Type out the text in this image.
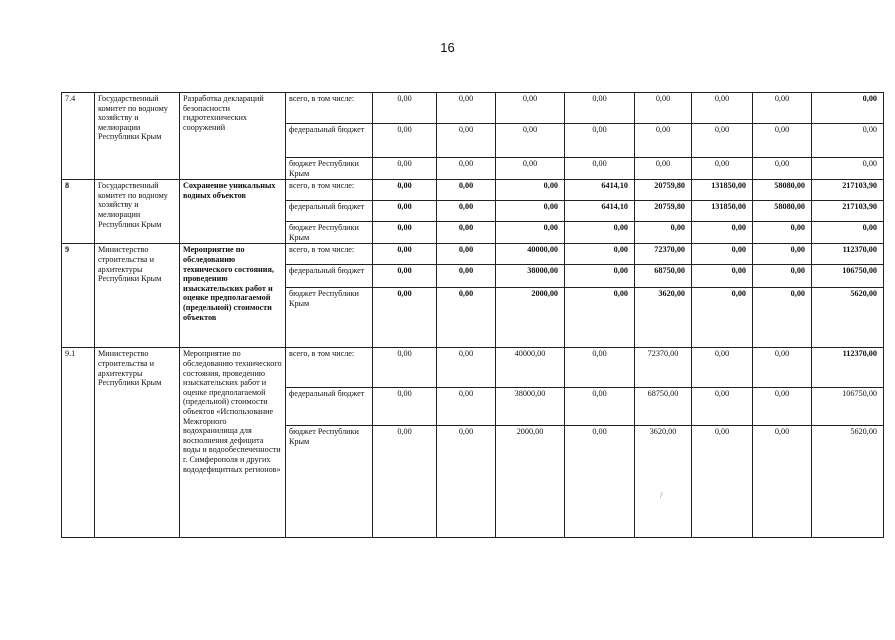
16
7.4	Государственный комитет по водному хозяйству и мелиорации Республики Крым	Разработка деклараций безопасности гидротехнических сооружений	всего, в том числе:	0,00	0,00	0,00	0,00	0,00	0,00	0,00	0,00
			федеральный бюджет	0,00	0,00	0,00	0,00	0,00	0,00	0,00	0,00
			бюджет Республики Крым	0,00	0,00	0,00	0,00	0,00	0,00	0,00	0,00
8	Государственный комитет по водному хозяйству и мелиорации Республики Крым	Сохранение уникальных водных объектов	всего, в том числе:	0,00	0,00	0,00	6414,10	20759,80	131850,00	58080,00	217103,90
			федеральный бюджет	0,00	0,00	0,00	6414,10	20759,80	131850,00	58080,00	217103,90
			бюджет Республики Крым	0,00	0,00	0,00	0,00	0,00	0,00	0,00	0,00
9	Министерство строительства и архитектуры Республики Крым	Мероприятие по обследованию технического состояния, проведению изыскательских работ и оценке предполагаемой (предельной) стоимости объектов	всего, в том числе:	0,00	0,00	40000,00	0,00	72370,00	0,00	0,00	112370,00
			федеральный бюджет	0,00	0,00	38000,00	0,00	68750,00	0,00	0,00	106750,00
			бюджет Республики Крым	0,00	0,00	2000,00	0,00	3620,00	0,00	0,00	5620,00
9.1	Министерство строительства и архитектуры Республики Крым	Мероприятие по обследованию технического состояния, проведению изыскательских работ и оценке предполагаемой (предельной) стоимости объектов «Использование Межгорного водохранилища для восполнения дефицита воды и водообеспеченности г. Симферополя и других вододефицитных регионов»	всего, в том числе:	0,00	0,00	40000,00	0,00	72370,00	0,00	0,00	112370,00
			федеральный бюджет	0,00	0,00	38000,00	0,00	68750,00	0,00	0,00	106750,00
			бюджет Республики Крым	0,00	0,00	2000,00	0,00	3620,00	0,00	0,00	5620,00
/
